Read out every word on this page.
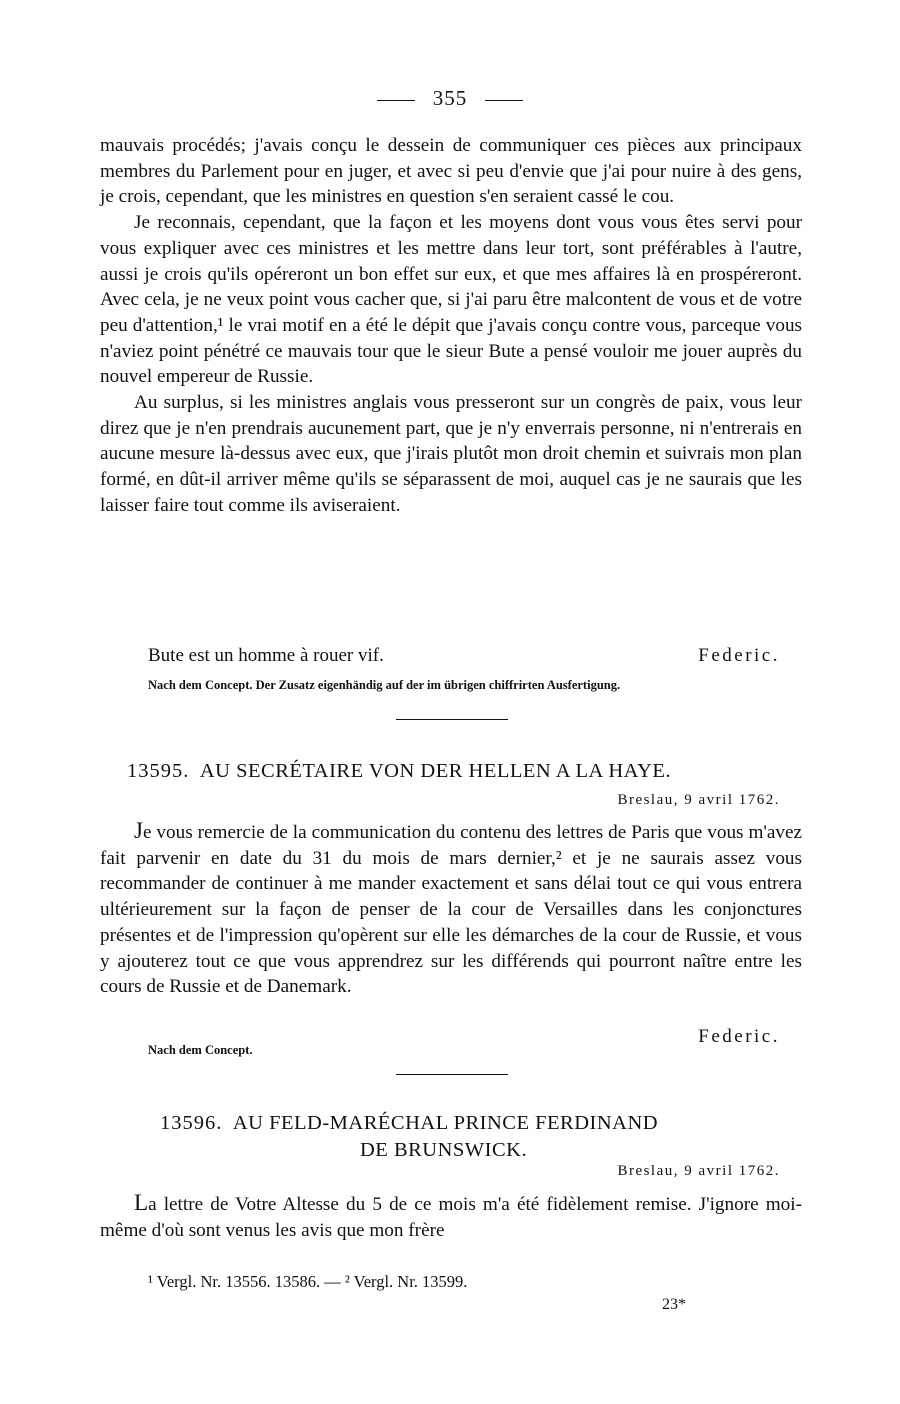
355

mauvais procédés; j'avais conçu le dessein de communiquer ces pièces aux principaux membres du Parlement pour en juger, et avec si peu d'envie que j'ai pour nuire à des gens, je crois, cependant, que les ministres en question s'en seraient cassé le cou.

Je reconnais, cependant, que la façon et les moyens dont vous vous êtes servi pour vous expliquer avec ces ministres et les mettre dans leur tort, sont préférables à l'autre, aussi je crois qu'ils opéreront un bon effet sur eux, et que mes affaires là en prospéreront. Avec cela, je ne veux point vous cacher que, si j'ai paru être malcontent de vous et de votre peu d'attention,¹ le vrai motif en a été le dépit que j'avais conçu contre vous, parceque vous n'aviez point pénétré ce mauvais tour que le sieur Bute a pensé vouloir me jouer auprès du nouvel empereur de Russie.

Au surplus, si les ministres anglais vous presseront sur un congrès de paix, vous leur direz que je n'en prendrais aucunement part, que je n'y enverrais personne, ni n'entrerais en aucune mesure là-dessus avec eux, que j'irais plutôt mon droit chemin et suivrais mon plan formé, en dût-il arriver même qu'ils se séparassent de moi, auquel cas je ne saurais que les laisser faire tout comme ils aviseraient.

Bute est un homme à rouer vif.	Federic.
Nach dem Concept. Der Zusatz eigenhändig auf der im übrigen chiffrirten Ausfertigung.
13595. AU SECRÉTAIRE VON DER HELLEN A LA HAYE.
Breslau, 9 avril 1762.

Je vous remercie de la communication du contenu des lettres de Paris que vous m'avez fait parvenir en date du 31 du mois de mars dernier,² et je ne saurais assez vous recommander de continuer à me mander exactement et sans délai tout ce qui vous entrera ultérieurement sur la façon de penser de la cour de Versailles dans les conjonctures présentes et de l'impression qu'opèrent sur elle les démarches de la cour de Russie, et vous y ajouterez tout ce que vous apprendrez sur les différends qui pourront naître entre les cours de Russie et de Danemark.

Federic.
Nach dem Concept.
13596. AU FELD-MARÉCHAL PRINCE FERDINAND
DE BRUNSWICK.
Breslau, 9 avril 1762.

La lettre de Votre Altesse du 5 de ce mois m'a été fidèlement remise. J'ignore moi-même d'où sont venus les avis que mon frère

¹ Vergl. Nr. 13556. 13586. — ² Vergl. Nr. 13599.
23*
